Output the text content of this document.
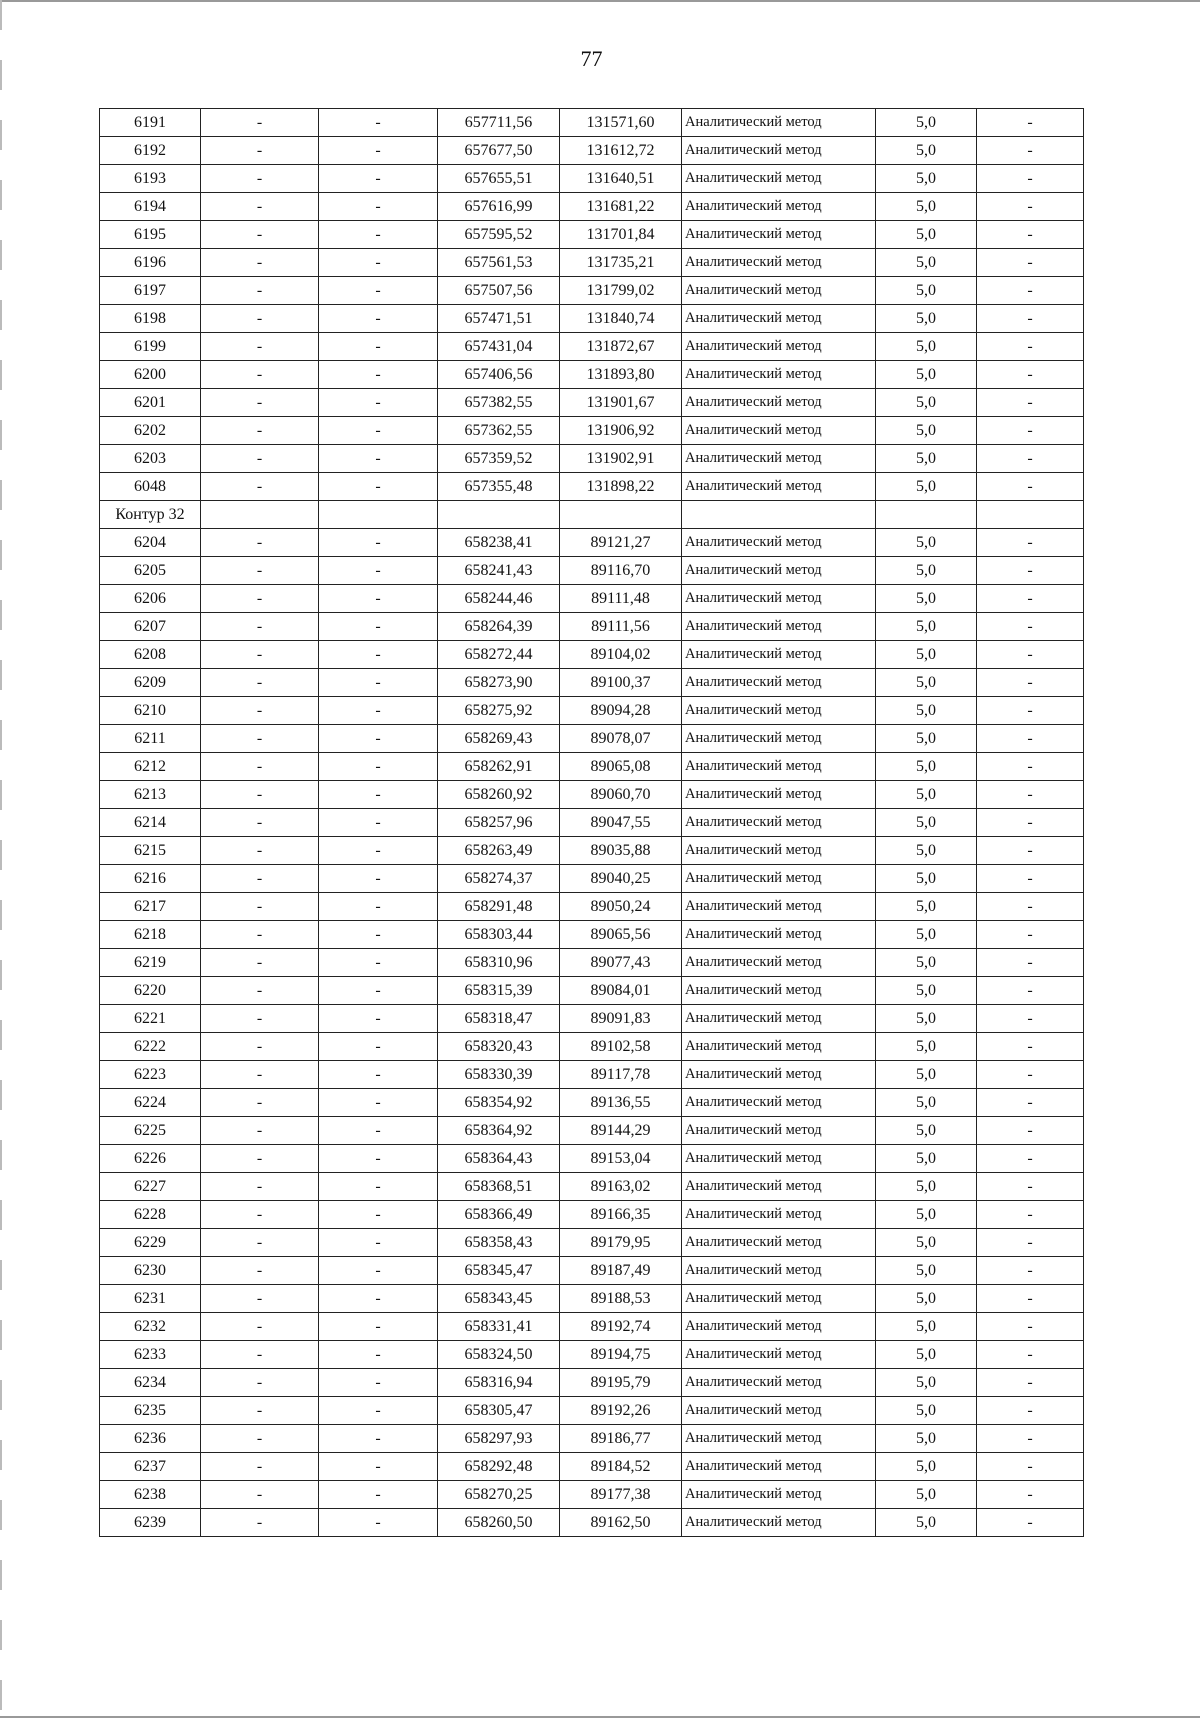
77
6191	-	-	657711,56	131571,60	Аналитический метод	5,0	-
6192	-	-	657677,50	131612,72	Аналитический метод	5,0	-
6193	-	-	657655,51	131640,51	Аналитический метод	5,0	-
6194	-	-	657616,99	131681,22	Аналитический метод	5,0	-
6195	-	-	657595,52	131701,84	Аналитический метод	5,0	-
6196	-	-	657561,53	131735,21	Аналитический метод	5,0	-
6197	-	-	657507,56	131799,02	Аналитический метод	5,0	-
6198	-	-	657471,51	131840,74	Аналитический метод	5,0	-
6199	-	-	657431,04	131872,67	Аналитический метод	5,0	-
6200	-	-	657406,56	131893,80	Аналитический метод	5,0	-
6201	-	-	657382,55	131901,67	Аналитический метод	5,0	-
6202	-	-	657362,55	131906,92	Аналитический метод	5,0	-
6203	-	-	657359,52	131902,91	Аналитический метод	5,0	-
6048	-	-	657355,48	131898,22	Аналитический метод	5,0	-
Контур 32							
6204	-	-	658238,41	89121,27	Аналитический метод	5,0	-
6205	-	-	658241,43	89116,70	Аналитический метод	5,0	-
6206	-	-	658244,46	89111,48	Аналитический метод	5,0	-
6207	-	-	658264,39	89111,56	Аналитический метод	5,0	-
6208	-	-	658272,44	89104,02	Аналитический метод	5,0	-
6209	-	-	658273,90	89100,37	Аналитический метод	5,0	-
6210	-	-	658275,92	89094,28	Аналитический метод	5,0	-
6211	-	-	658269,43	89078,07	Аналитический метод	5,0	-
6212	-	-	658262,91	89065,08	Аналитический метод	5,0	-
6213	-	-	658260,92	89060,70	Аналитический метод	5,0	-
6214	-	-	658257,96	89047,55	Аналитический метод	5,0	-
6215	-	-	658263,49	89035,88	Аналитический метод	5,0	-
6216	-	-	658274,37	89040,25	Аналитический метод	5,0	-
6217	-	-	658291,48	89050,24	Аналитический метод	5,0	-
6218	-	-	658303,44	89065,56	Аналитический метод	5,0	-
6219	-	-	658310,96	89077,43	Аналитический метод	5,0	-
6220	-	-	658315,39	89084,01	Аналитический метод	5,0	-
6221	-	-	658318,47	89091,83	Аналитический метод	5,0	-
6222	-	-	658320,43	89102,58	Аналитический метод	5,0	-
6223	-	-	658330,39	89117,78	Аналитический метод	5,0	-
6224	-	-	658354,92	89136,55	Аналитический метод	5,0	-
6225	-	-	658364,92	89144,29	Аналитический метод	5,0	-
6226	-	-	658364,43	89153,04	Аналитический метод	5,0	-
6227	-	-	658368,51	89163,02	Аналитический метод	5,0	-
6228	-	-	658366,49	89166,35	Аналитический метод	5,0	-
6229	-	-	658358,43	89179,95	Аналитический метод	5,0	-
6230	-	-	658345,47	89187,49	Аналитический метод	5,0	-
6231	-	-	658343,45	89188,53	Аналитический метод	5,0	-
6232	-	-	658331,41	89192,74	Аналитический метод	5,0	-
6233	-	-	658324,50	89194,75	Аналитический метод	5,0	-
6234	-	-	658316,94	89195,79	Аналитический метод	5,0	-
6235	-	-	658305,47	89192,26	Аналитический метод	5,0	-
6236	-	-	658297,93	89186,77	Аналитический метод	5,0	-
6237	-	-	658292,48	89184,52	Аналитический метод	5,0	-
6238	-	-	658270,25	89177,38	Аналитический метод	5,0	-
6239	-	-	658260,50	89162,50	Аналитический метод	5,0	-
